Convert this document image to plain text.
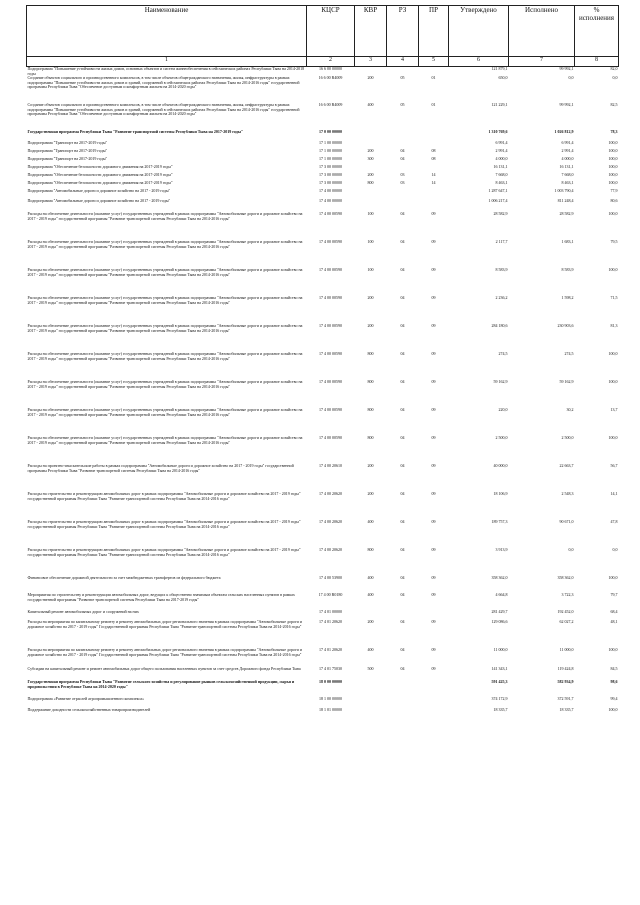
Наименование	КЦСР	КВР	РЗ	ПР	Утверждено	Исполнено	% исполнения
1	2	3	4	5	6	7	8
Подпрограмма "Повышение устойчивости жилых домов, основных объектов и систем жизнеобеспечения в сейсмических районах Республики Тыва на 2014-2018 годы	16 6 00 00000				121 879,1	99 992,1	82,0
Создание объектов социального и производственного комплексов, в том числе объектов общегражданского назначения, жилья, инфраструктуры в рамках подпрограммы "Повышение устойчивости жилых домов и зданий, сооружений в сейсмических районах Республики Тыва на 2014-2016 годы" государственной программы Республики Тыва "Обеспечение доступным и комфортным жильем на 2014-2020 годы"	16 6 00 R4009	200	05	01	650,0	0,0	0,0
Создание объектов социального и производственного комплексов, в том числе объектов общегражданского назначения, жилья, инфраструктуры в рамках подпрограммы "Повышение устойчивости жилых домов и зданий, сооружений в сейсмических районах Республики Тыва на 2014-2016 годы" государственной программы Республики Тыва "Обеспечение доступным и комфортным жильем на 2014-2020 годы"	16 6 00 R4009	400	05	01	121 229,1	99 992,1	82,5
Государственная программа Республики Тыва "Развитие транспортной системы Республики Тыва на 2017-2019 годы"	17 0 00 00000				1 310 769,6	1 026 812,9	78,3
Подпрограмма "Транспорт на 2017-2019 годы"	17 1 00 00000				6 991,4	6 991,4	100,0
Подпрограмма "Транспорт на 2017-2019 годы"	17 1 00 00000	200	04	08	2 991,4	2 991,4	100,0
Подпрограмма "Транспорт на 2017-2019 годы"	17 1 00 00000	300	04	08	4 000,0	4 000,0	100,0
Подпрограмма "Обеспечение безопасности дорожного движения на 2017-2019 годы"	17 3 00 00000				16 131,1	16 131,1	100,0
Подпрограмма "Обеспечение безопасности дорожного движения на 2017-2019 годы"	17 3 00 00000	200	03	14	7 668,0	7 668,0	100,0
Подпрограмма "Обеспечение безопасности дорожного движения на 2017-2019 годы"	17 3 00 00000	800	03	14	8 463,1	8 463,1	100,0
Подпрограмма "Автомобильные дороги и дорожное хозяйство на 2017 - 2019 годы"	17 4 00 00000				1 287 647,1	1 003 790,4	77,9
Подпрограмма "Автомобильные дороги и дорожное хозяйство на 2017 - 2019 годы"	17 4 00 00000				1 006 217,4	811 248,4	80,6
Расходы на обеспечение деятельности (оказание услуг) государственных учреждений в рамках подпрограммы "Автомобильные дороги и дорожное хозяйство на 2017 - 2019 годы" государственной программы "Развитие транспортной системы Республики Тыва на 2014-2016 годы"	17 4 00 00590	100	04	09	28 582,9	28 582,9	100,0
Расходы на обеспечение деятельности (оказание услуг) государственных учреждений в рамках подпрограммы "Автомобильные дороги и дорожное хозяйство на 2017 - 2019 годы" государственной программы "Развитие транспортной системы Республики Тыва на 2014-2016 годы"	17 4 00 00590	100	04	09	2 117,7	1 683,1	79,5
Расходы на обеспечение деятельности (оказание услуг) государственных учреждений в рамках подпрограммы "Автомобильные дороги и дорожное хозяйство на 2017 - 2019 годы" государственной программы "Развитие транспортной системы Республики Тыва на 2014-2016 годы"	17 4 00 00590	100	04	09	8 583,9	8 583,9	100,0
Расходы на обеспечение деятельности (оказание услуг) государственных учреждений в рамках подпрограммы "Автомобильные дороги и дорожное хозяйство на 2017 - 2019 годы" государственной программы "Развитие транспортной системы Республики Тыва на 2014-2016 годы"	17 4 00 00590	200	04	09	2 236,2	1 598,2	71,5
Расходы на обеспечение деятельности (оказание услуг) государственных учреждений в рамках подпрограммы "Автомобильные дороги и дорожное хозяйство на 2017 - 2019 годы" государственной программы "Развитие транспортной системы Республики Тыва на 2014-2016 годы"	17 4 00 00590	200	04	09	284 180,6	230 903,6	81,3
Расходы на обеспечение деятельности (оказание услуг) государственных учреждений в рамках подпрограммы "Автомобильные дороги и дорожное хозяйство на 2017 - 2019 годы" государственной программы "Развитие транспортной системы Республики Тыва на 2014-2016 годы"	17 4 00 00590	800	04	09	274,5	274,5	100,0
Расходы на обеспечение деятельности (оказание услуг) государственных учреждений в рамках подпрограммы "Автомобильные дороги и дорожное хозяйство на 2017 - 2019 годы" государственной программы "Развитие транспортной системы Республики Тыва на 2014-2016 годы"	17 4 00 00590	800	04	09	59 162,9	59 162,9	100,0
Расходы на обеспечение деятельности (оказание услуг) государственных учреждений в рамках подпрограммы "Автомобильные дороги и дорожное хозяйство на 2017 - 2019 годы" государственной программы "Развитие транспортной системы Республики Тыва на 2014-2016 годы"	17 4 00 00590	800	04	09	220,0	30,2	13,7
Расходы на обеспечение деятельности (оказание услуг) государственных учреждений в рамках подпрограммы "Автомобильные дороги и дорожное хозяйство на 2017 - 2019 годы" государственной программы "Развитие транспортной системы Республики Тыва на 2014-2016 годы"	17 4 00 00590	800	04	09	2 500,0	2 500,0	100,0
Расходы на проектно-изыскательские работы в рамках подпрограммы "Автомобильные дороги и дорожное хозяйство на 2017 - 2019 годы" государственной программы Республики Тыва "Развитие транспортной системы Республики Тыва на 2014-2016 годы"	17 4 00 20610	200	04	09	40 000,0	22 663,7	56,7
Расходы на строительство и реконструкцию автомобильных дорог в рамках подпрограммы "Автомобильные дороги и дорожное хозяйство на 2017 - 2019 годы" государственной программы Республики Тыва "Развитие транспортной системы Республики Тыва на 2014-2016 годы"	17 4 00 20620	200	04	09	18 106,9	2 548,3	14,1
Расходы на строительство и реконструкцию автомобильных дорог в рамках подпрограммы "Автомобильные дороги и дорожное хозяйство на 2017 - 2019 годы" государственной программы Республики Тыва "Развитие транспортной системы Республики Тыва на 2014-2016 годы"	17 4 00 20620	400	04	09	189 757,3	90 671,0	47,8
Расходы на строительство и реконструкцию автомобильных дорог в рамках подпрограммы "Автомобильные дороги и дорожное хозяйство на 2017 - 2019 годы" государственной программы Республики Тыва "Развитие транспортной системы Республики Тыва на 2014-2016 годы"	17 4 00 20620	800	04	09	3 913,9	0,0	0,0
Финансовое обеспечение дорожной деятельности за счет межбюджетных трансфертов из федерального бюджета	17 4 00 53900	400	04	09	358 362,0	358 362,0	100,0
Мероприятия по строительству и реконструкции автомобильных дорог, ведущих к общественно значимым объектам сельских населенных пунктов в рамках государственной программы "Развитие транспортной системы Республики Тыва на 2017-2019 годы"	17 4 00 R0180	400	04	09	4 664,8	3 722,3	79,7
Капитальный ремонт автомобильных дорог и сооружений на них	17 4 01 00000				281 429,7	192 452,0	68,4
Расходы на мероприятия по капитальному ремонту и ремонту автомобильных дорог регионального значения в рамках подпрограммы "Автомобильные дороги и дорожное хозяйство на 2017 - 2019 годы" Государственной программы Республики Тыва "Развитие транспортной системы Республики Тыва на 2014-2016 годы"	17 4 01 20620	200	04	09	129 086,6	62 027,2	48,1
Расходы на мероприятия по капитальному ремонту и ремонту автомобильных дорог регионального значения в рамках подпрограммы "Автомобильные дороги и дорожное хозяйство на 2017 - 2019 годы" Государственной программы Республики Тыва "Развитие транспортной системы Республики Тыва на 2014-2016 годы"	17 4 01 20620	400	04	09	11 000,0	11 000,0	100,0
Субсидии на капитальный ремонт и ремонт автомобильных дорог общего пользования населенных пунктов за счет средств Дорожного фонда Республики Тыва	17 4 01 75030	500	04	09	141 343,1	119 424,8	84,5
Государственная программа Республики Тыва "Развитие сельского хозяйства и регулирование рынков сельскохозяйственной продукции, сырья и продовольствия в Республике Тыва на 2014-2020 годы"	18 0 00 00000				591 425,3	582 934,9	98,6
Подпрограмма «Развитие отраслей агропромышленного комплекса»	18 1 00 00000				374 172,9	372 591,7	99,4
Поддержание доходности сельскохозяйственных товаропроизводителей	18 1 01 00000				18 335,7	18 335,7	100,0
